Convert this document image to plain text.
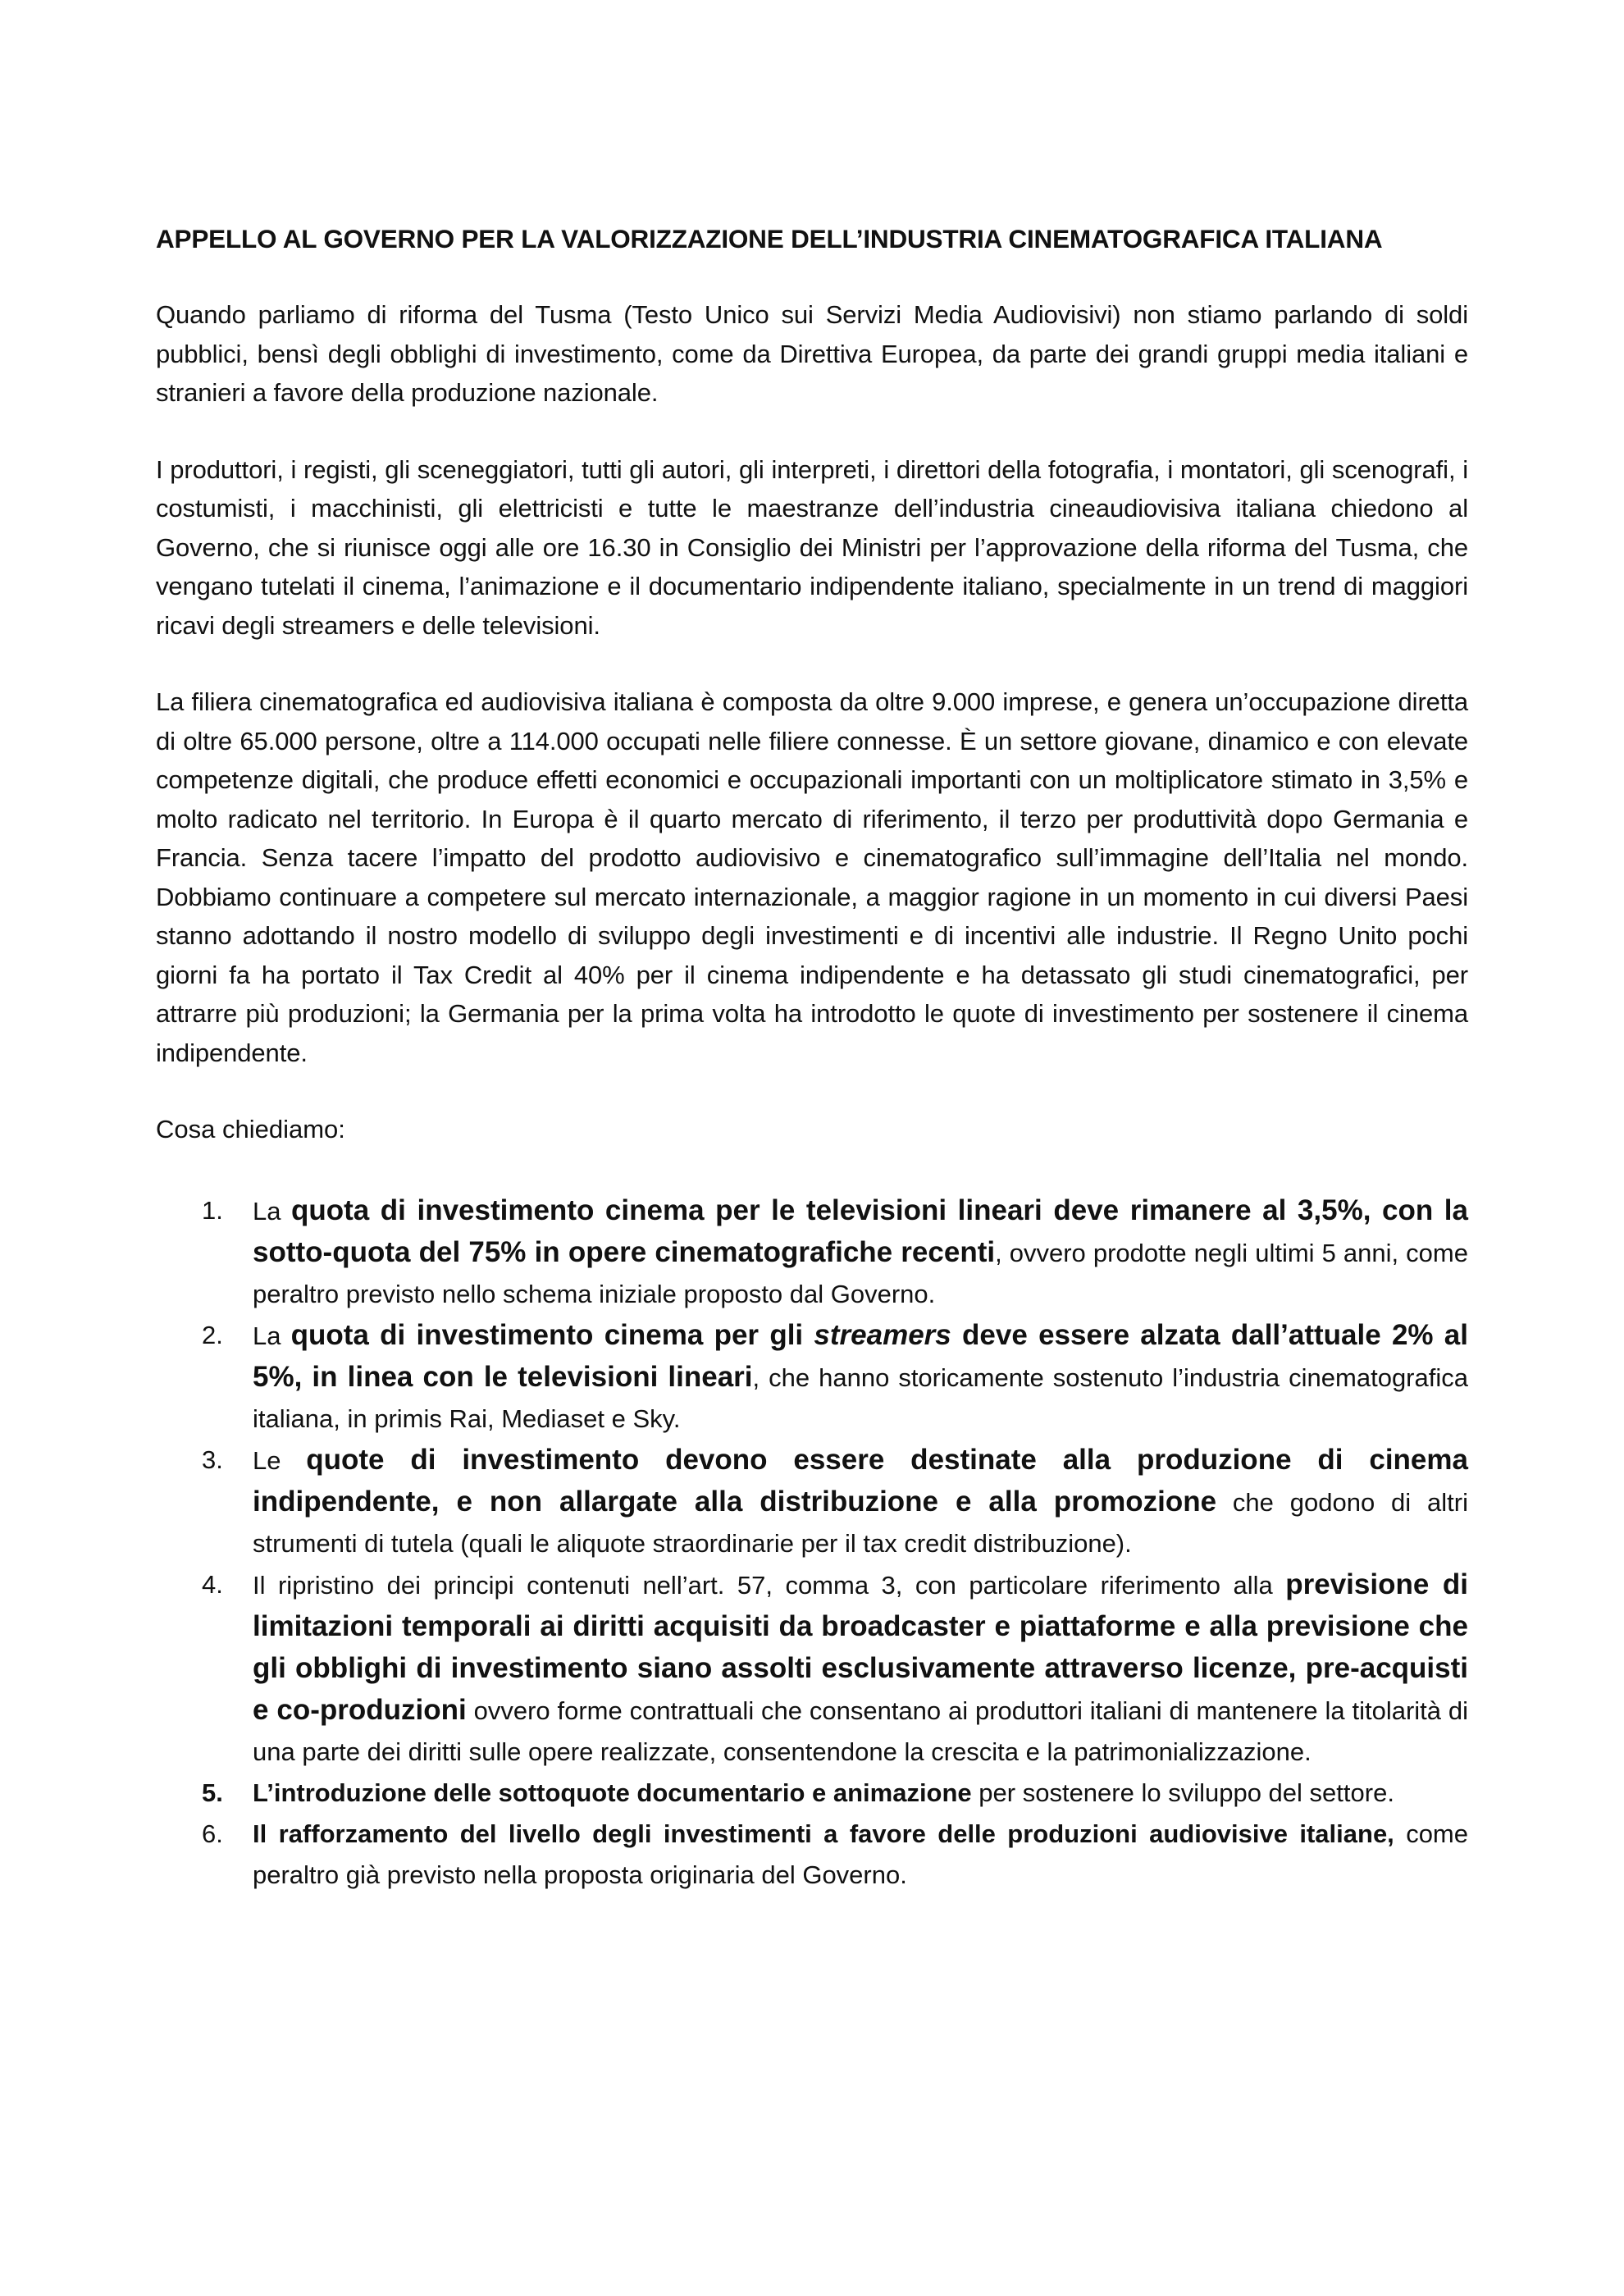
APPELLO AL GOVERNO PER LA VALORIZZAZIONE DELL’INDUSTRIA CINEMATOGRAFICA ITALIANA

Quando parliamo di riforma del Tusma (Testo Unico sui Servizi Media Audiovisivi) non stiamo parlando di soldi pubblici, bensì degli obblighi di investimento, come da Direttiva Europea, da parte dei grandi gruppi media italiani e stranieri a favore della produzione nazionale.

I produttori, i registi, gli sceneggiatori, tutti gli autori, gli interpreti, i direttori della fotografia, i montatori, gli scenografi, i costumisti, i macchinisti, gli elettricisti e tutte le maestranze dell’industria cineaudiovisiva italiana chiedono al Governo, che si riunisce oggi alle ore 16.30 in Consiglio dei Ministri per l’approvazione della riforma del Tusma, che vengano tutelati il cinema, l’animazione e il documentario indipendente italiano, specialmente in un trend di maggiori ricavi degli streamers e delle televisioni.

La filiera cinematografica ed audiovisiva italiana è composta da oltre 9.000 imprese, e genera un’occupazione diretta di oltre 65.000 persone, oltre a 114.000 occupati nelle filiere connesse. È un settore giovane, dinamico e con elevate competenze digitali, che produce effetti economici e occupazionali importanti con un moltiplicatore stimato in 3,5% e molto radicato nel territorio. In Europa è il quarto mercato di riferimento, il terzo per produttività dopo Germania e Francia. Senza tacere l’impatto del prodotto audiovisivo e cinematografico sull’immagine dell’Italia nel mondo. Dobbiamo continuare a competere sul mercato internazionale, a maggior ragione in un momento in cui diversi Paesi stanno adottando il nostro modello di sviluppo degli investimenti e di incentivi alle industrie. Il Regno Unito pochi giorni fa ha portato il Tax Credit al 40% per il cinema indipendente e ha detassato gli studi cinematografici, per attrarre più produzioni; la Germania per la prima volta ha introdotto le quote di investimento per sostenere il cinema indipendente.

Cosa chiediamo:

1.	La quota di investimento cinema per le televisioni lineari deve rimanere al 3,5%, con la sotto-quota del 75% in opere cinematografiche recenti, ovvero prodotte negli ultimi 5 anni, come peraltro previsto nello schema iniziale proposto dal Governo.
2.	La quota di investimento cinema per gli streamers deve essere alzata dall’attuale 2% al 5%, in linea con le televisioni lineari, che hanno storicamente sostenuto l’industria cinematografica italiana, in primis Rai, Mediaset e Sky.
3.	Le quote di investimento devono essere destinate alla produzione di cinema indipendente, e non allargate alla distribuzione e alla promozione che godono di altri strumenti di tutela (quali le aliquote straordinarie per il tax credit distribuzione).
4.	Il ripristino dei principi contenuti nell’art. 57, comma 3, con particolare riferimento alla previsione di limitazioni temporali ai diritti acquisiti da broadcaster e piattaforme e alla previsione che gli obblighi di investimento siano assolti esclusivamente attraverso licenze, pre-acquisti e co-produzioni ovvero forme contrattuali che consentano ai produttori italiani di mantenere la titolarità di una parte dei diritti sulle opere realizzate, consentendone la crescita e la patrimonializzazione.
5.	L’introduzione delle sottoquote documentario e animazione per sostenere lo sviluppo del settore.
6.	Il rafforzamento del livello degli investimenti a favore delle produzioni audiovisive italiane, come peraltro già previsto nella proposta originaria del Governo.
